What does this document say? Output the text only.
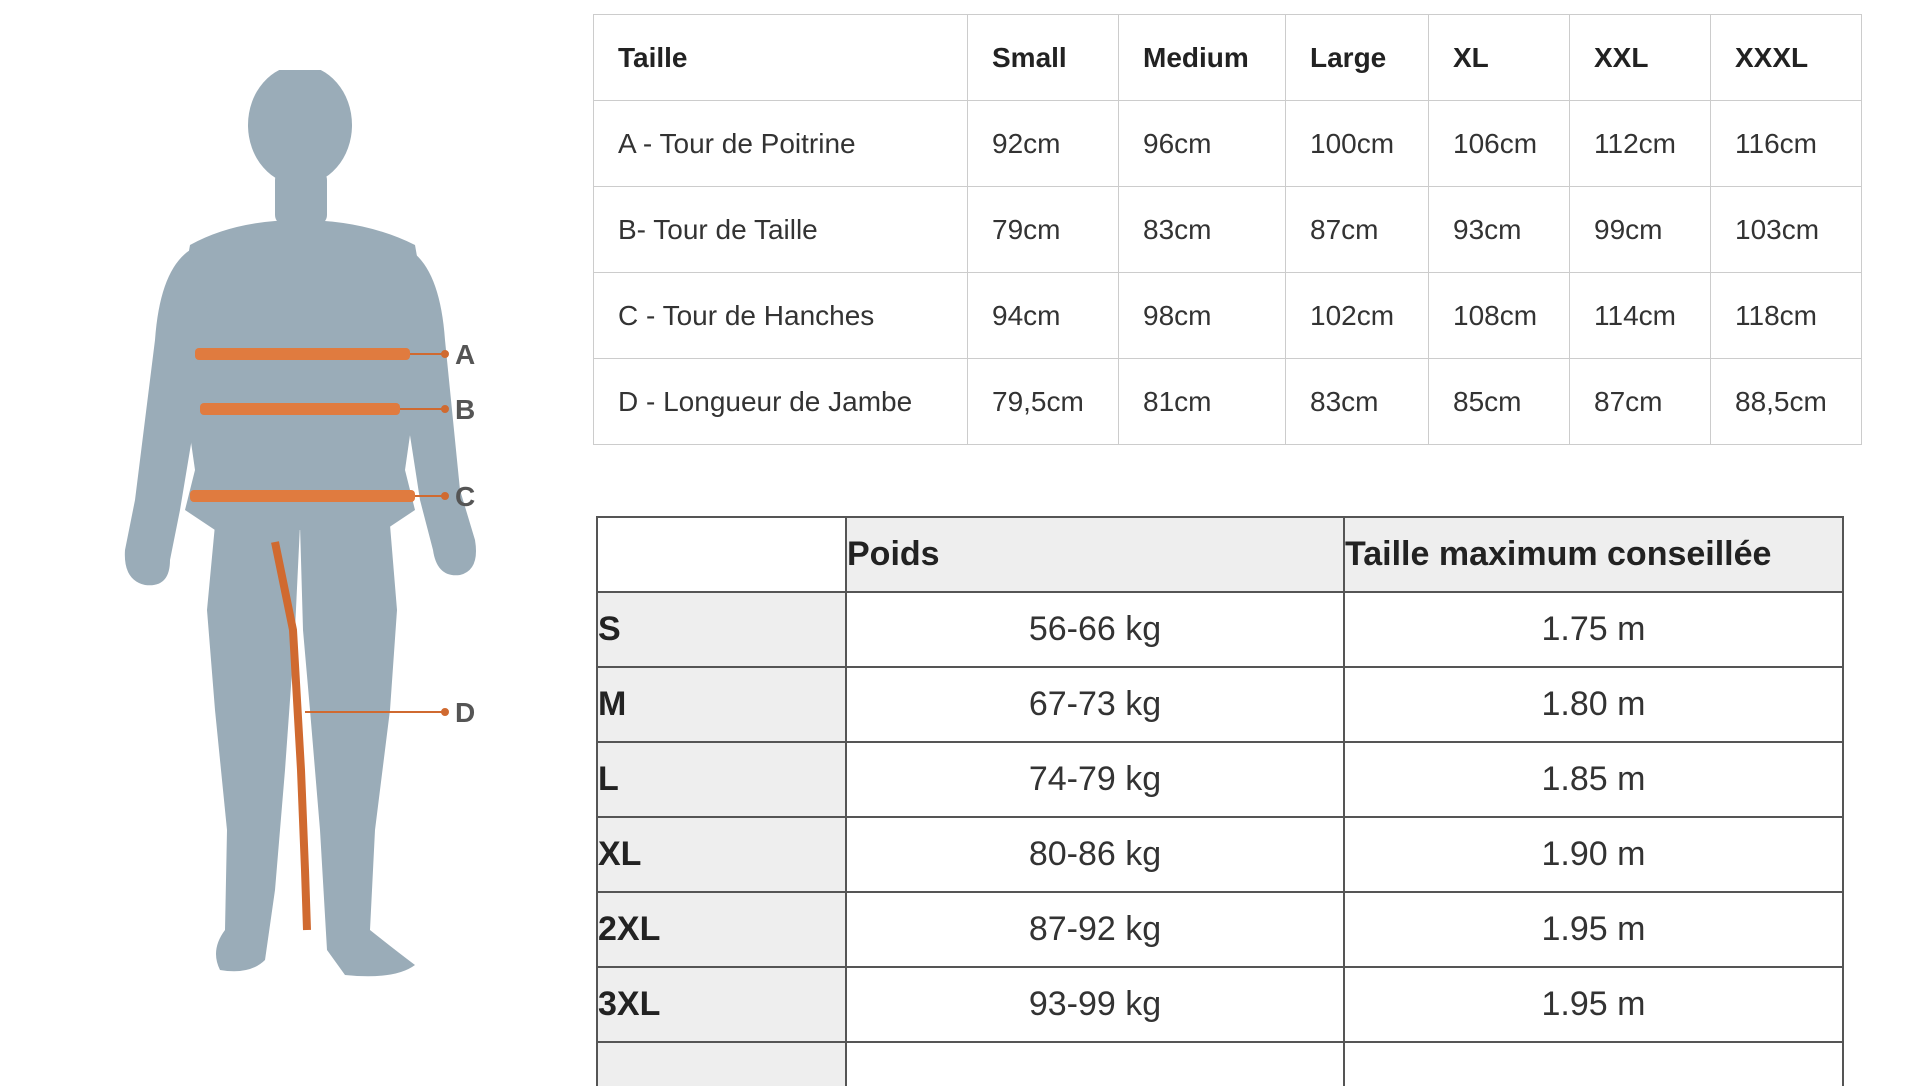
A
B
C
D
Taille	Small	Medium	Large	XL	XXL	XXXL
A - Tour de Poitrine	92cm	96cm	100cm	106cm	112cm	116cm
B- Tour de Taille	79cm	83cm	87cm	93cm	99cm	103cm
C - Tour de Hanches	94cm	98cm	102cm	108cm	114cm	118cm
D - Longueur de Jambe	79,5cm	81cm	83cm	85cm	87cm	88,5cm
	Poids	Taille maximum conseillée
S	56-66 kg	1.75 m
M	67-73 kg	1.80 m
L	74-79 kg	1.85 m
XL	80-86 kg	1.90 m
2XL	87-92 kg	1.95 m
3XL	93-99 kg	1.95 m
